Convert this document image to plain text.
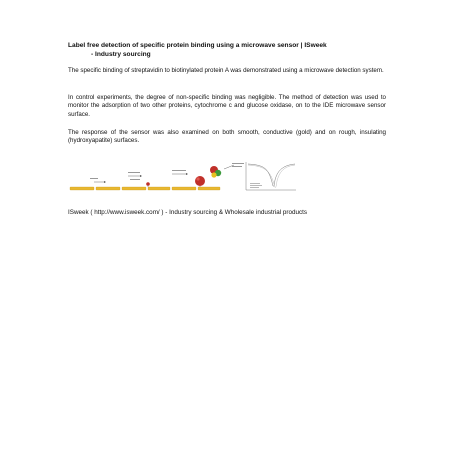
Label free detection of specific protein binding using a microwave sensor | ISweek
- Industry sourcing

The specific binding of streptavidin to biotinylated protein A was demonstrated using a microwave detection system.

In control experiments, the degree of non-specific binding was negligible. The method of detection was used to monitor the adsorption of two other proteins, cytochrome c and glucose oxidase, on to the IDE microwave sensor surface.

The response of the sensor was also examined on both smooth, conductive (gold) and on rough, insulating (hydroxyapatite) surfaces.

ISweek ( http://www.isweek.com/ ) - Industry sourcing & Wholesale industrial products
